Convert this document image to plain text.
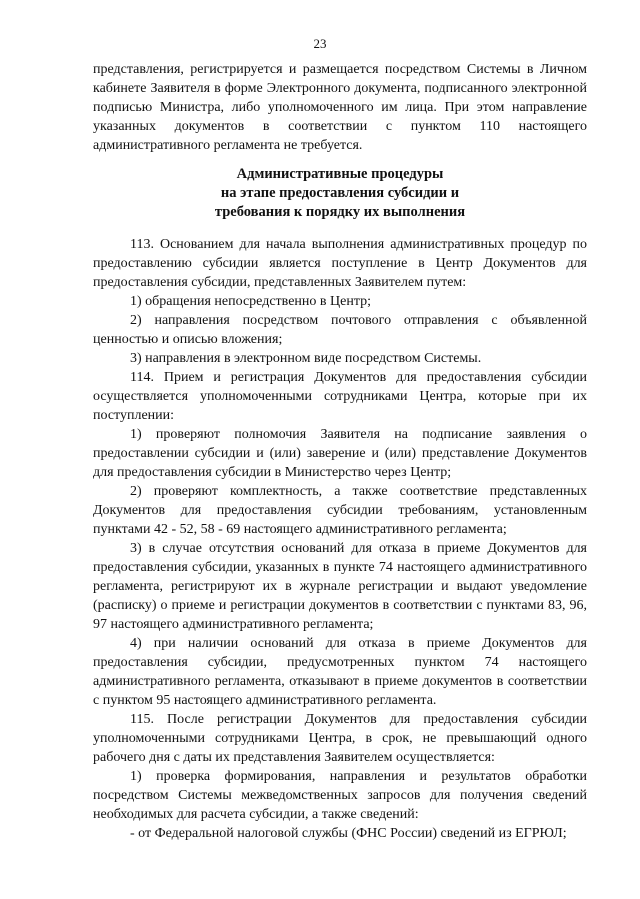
23

представления, регистрируется и размещается посредством Системы в Личном кабинете Заявителя в форме Электронного документа, подписанного электронной подписью Министра, либо уполномоченного им лица. При этом направление указанных документов в соответствии с пунктом 110 настоящего административного регламента не требуется.

Административные процедуры
на этапе предоставления субсидии и
требования к порядку их выполнения

113. Основанием для начала выполнения административных процедур по предоставлению субсидии является поступление в Центр Документов для предоставления субсидии, представленных Заявителем путем:

1) обращения непосредственно в Центр;

2) направления посредством почтового отправления с объявленной ценностью и описью вложения;

3) направления в электронном виде посредством Системы.

114. Прием и регистрация Документов для предоставления субсидии осуществляется уполномоченными сотрудниками Центра, которые при их поступлении:

1) проверяют полномочия Заявителя на подписание заявления о предоставлении субсидии и (или) заверение и (или) представление Документов для предоставления субсидии в Министерство через Центр;

2) проверяют комплектность, а также соответствие представленных Документов для предоставления субсидии требованиям, установленным пунктами 42 - 52, 58 - 69 настоящего административного регламента;

3) в случае отсутствия оснований для отказа в приеме Документов для предоставления субсидии, указанных в пункте 74 настоящего административного регламента, регистрируют их в журнале регистрации и выдают уведомление (расписку) о приеме и регистрации документов в соответствии с пунктами 83, 96, 97 настоящего административного регламента;

4) при наличии оснований для отказа в приеме Документов для предоставления субсидии, предусмотренных пунктом 74 настоящего административного регламента, отказывают в приеме документов в соответствии с пунктом 95 настоящего административного регламента.

115. После регистрации Документов для предоставления субсидии уполномоченными сотрудниками Центра, в срок, не превышающий одного рабочего дня с даты их представления Заявителем осуществляется:

1) проверка формирования, направления и результатов обработки посредством Системы межведомственных запросов для получения сведений необходимых для расчета субсидии, а также сведений:

- от Федеральной налоговой службы (ФНС России) сведений из ЕГРЮЛ;
